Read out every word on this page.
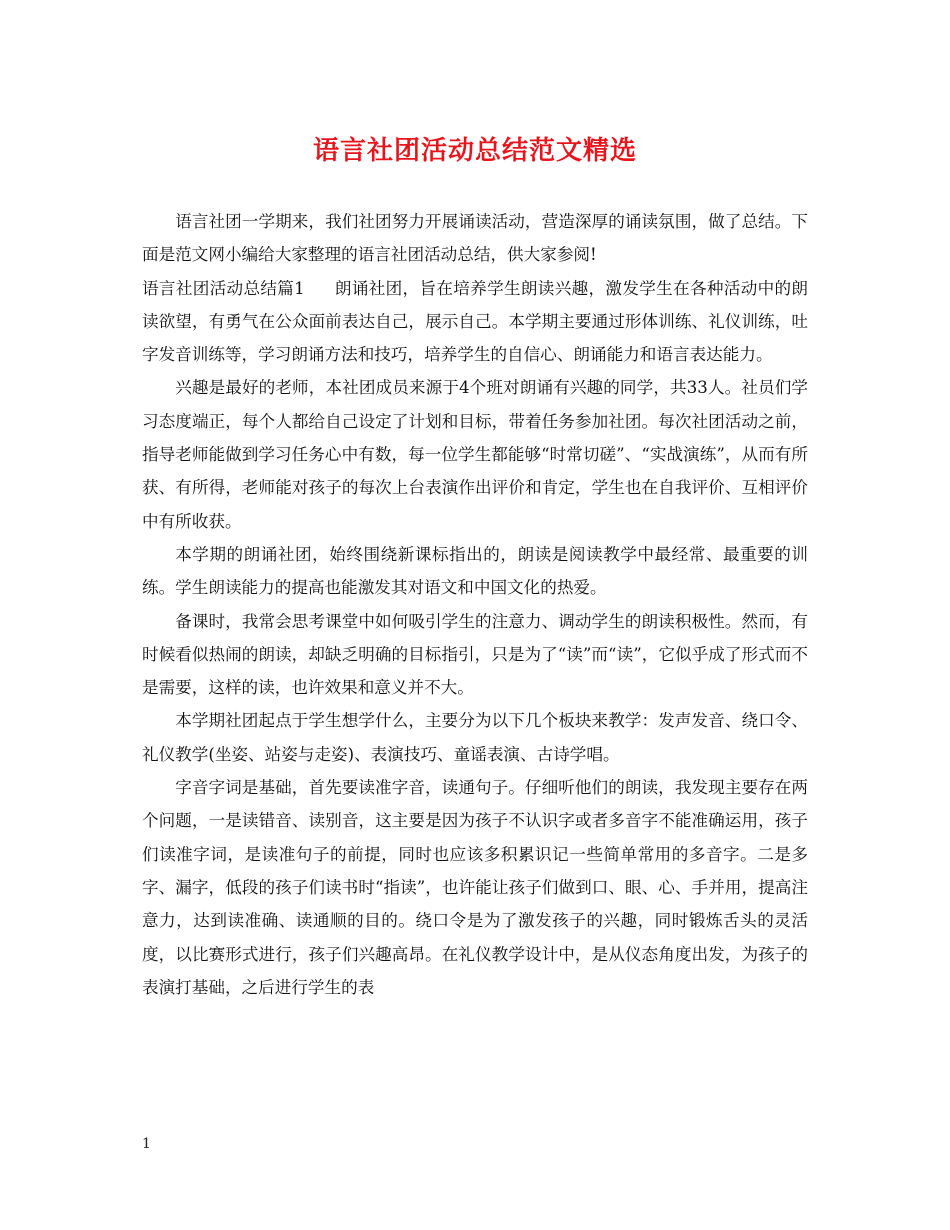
语言社团活动总结范文精选

语言社团一学期来，我们社团努力开展诵读活动，营造深厚的诵读氛围，做了总结。下面是范文网小编给大家整理的语言社团活动总结，供大家参阅!

语言社团活动总结篇1 朗诵社团，旨在培养学生朗读兴趣，激发学生在各种活动中的朗读欲望，有勇气在公众面前表达自己，展示自己。本学期主要通过形体训练、礼仪训练，吐字发音训练等，学习朗诵方法和技巧，培养学生的自信心、朗诵能力和语言表达能力。

兴趣是最好的老师，本社团成员来源于4个班对朗诵有兴趣的同学，共33人。社员们学习态度端正，每个人都给自己设定了计划和目标，带着任务参加社团。每次社团活动之前，指导老师能做到学习任务心中有数，每一位学生都能够“时常切磋”、“实战演练”，从而有所获、有所得，老师能对孩子的每次上台表演作出评价和肯定，学生也在自我评价、互相评价中有所收获。

本学期的朗诵社团，始终围绕新课标指出的，朗读是阅读教学中最经常、最重要的训练。学生朗读能力的提高也能激发其对语文和中国文化的热爱。

备课时，我常会思考课堂中如何吸引学生的注意力、调动学生的朗读积极性。然而，有时候看似热闹的朗读，却缺乏明确的目标指引，只是为了“读”而“读”，它似乎成了形式而不是需要，这样的读，也许效果和意义并不大。

本学期社团起点于学生想学什么，主要分为以下几个板块来教学：发声发音、绕口令、礼仪教学(坐姿、站姿与走姿)、表演技巧、童谣表演、古诗学唱。

字音字词是基础，首先要读准字音，读通句子。仔细听他们的朗读，我发现主要存在两个问题，一是读错音、读别音，这主要是因为孩子不认识字或者多音字不能准确运用，孩子们读准字词，是读准句子的前提，同时也应该多积累识记一些简单常用的多音字。二是多字、漏字，低段的孩子们读书时“指读”，也许能让孩子们做到口、眼、心、手并用，提高注意力，达到读准确、读通顺的目的。绕口令是为了激发孩子的兴趣，同时锻炼舌头的灵活度，以比赛形式进行，孩子们兴趣高昂。在礼仪教学设计中，是从仪态角度出发，为孩子的表演打基础，之后进行学生的表

1
